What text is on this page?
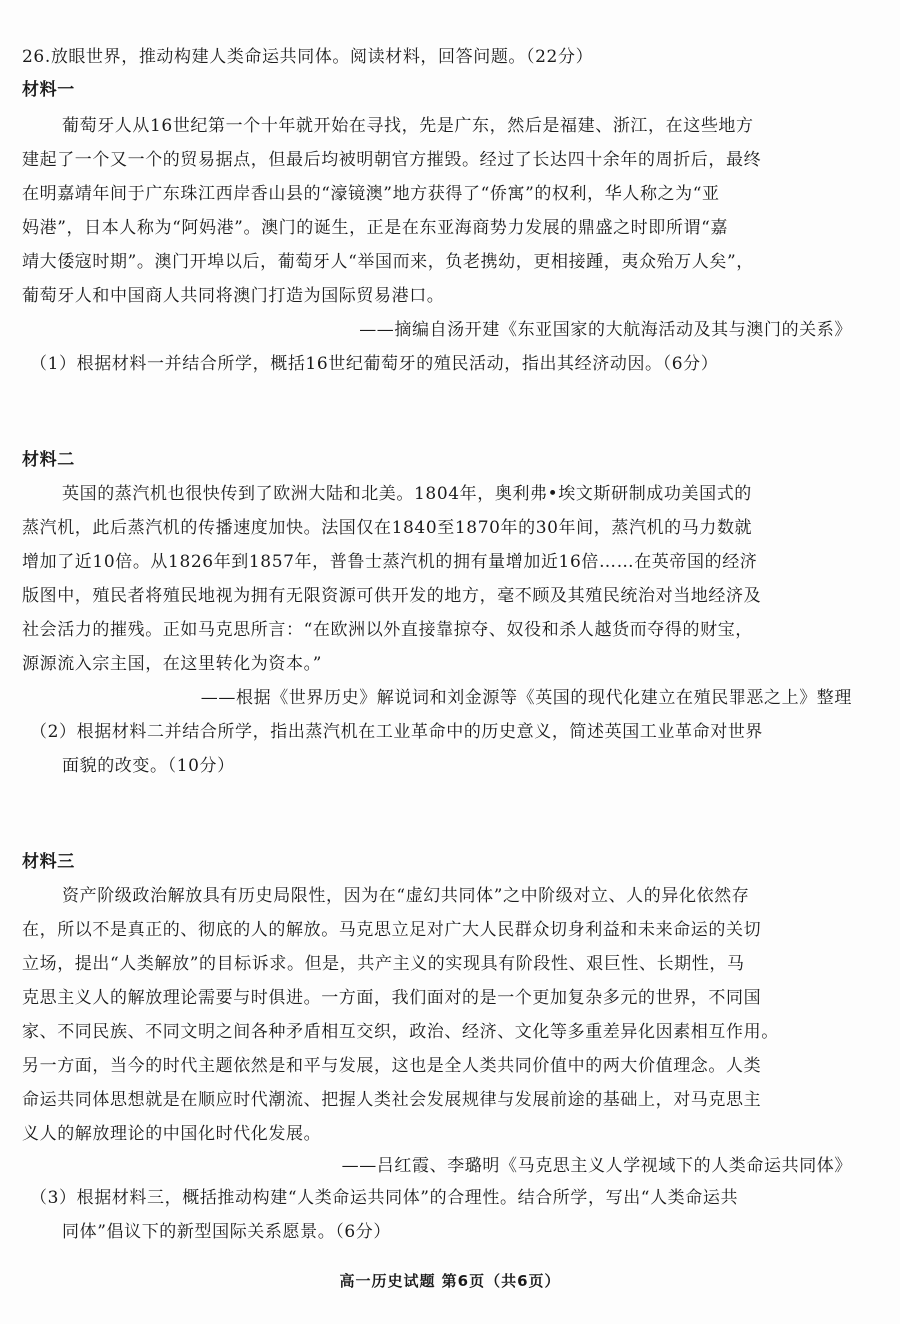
26.放眼世界，推动构建人类命运共同体。阅读材料，回答问题。（22分）
材料一
葡萄牙人从16世纪第一个十年就开始在寻找，先是广东，然后是福建、浙江，在这些地方
建起了一个又一个的贸易据点，但最后均被明朝官方摧毁。经过了长达四十余年的周折后，最终
在明嘉靖年间于广东珠江西岸香山县的“濠镜澳”地方获得了“侨寓”的权利，华人称之为“亚
妈港”，日本人称为“阿妈港”。澳门的诞生，正是在东亚海商势力发展的鼎盛之时即所谓“嘉
靖大倭寇时期”。澳门开埠以后，葡萄牙人“举国而来，负老携幼，更相接踵，夷众殆万人矣”，
葡萄牙人和中国商人共同将澳门打造为国际贸易港口。
——摘编自汤开建《东亚国家的大航海活动及其与澳门的关系》
（1）根据材料一并结合所学，概括16世纪葡萄牙的殖民活动，指出其经济动因。（6分）
材料二
英国的蒸汽机也很快传到了欧洲大陆和北美。1804年，奥利弗•埃文斯研制成功美国式的
蒸汽机，此后蒸汽机的传播速度加快。法国仅在1840至1870年的30年间，蒸汽机的马力数就
增加了近10倍。从1826年到1857年，普鲁士蒸汽机的拥有量增加近16倍……在英帝国的经济
版图中，殖民者将殖民地视为拥有无限资源可供开发的地方，毫不顾及其殖民统治对当地经济及
社会活力的摧残。正如马克思所言：“在欧洲以外直接靠掠夺、奴役和杀人越货而夺得的财宝，
源源流入宗主国，在这里转化为资本。”
——根据《世界历史》解说词和刘金源等《英国的现代化建立在殖民罪恶之上》整理
（2）根据材料二并结合所学，指出蒸汽机在工业革命中的历史意义，简述英国工业革命对世界
面貌的改变。（10分）
材料三
资产阶级政治解放具有历史局限性，因为在“虚幻共同体”之中阶级对立、人的异化依然存
在，所以不是真正的、彻底的人的解放。马克思立足对广大人民群众切身利益和未来命运的关切
立场，提出“人类解放”的目标诉求。但是，共产主义的实现具有阶段性、艰巨性、长期性，马
克思主义人的解放理论需要与时俱进。一方面，我们面对的是一个更加复杂多元的世界，不同国
家、不同民族、不同文明之间各种矛盾相互交织，政治、经济、文化等多重差异化因素相互作用。
另一方面，当今的时代主题依然是和平与发展，这也是全人类共同价值中的两大价值理念。人类
命运共同体思想就是在顺应时代潮流、把握人类社会发展规律与发展前途的基础上，对马克思主
义人的解放理论的中国化时代化发展。
——吕红霞、李璐明《马克思主义人学视域下的人类命运共同体》
（3）根据材料三，概括推动构建“人类命运共同体”的合理性。结合所学，写出“人类命运共
同体”倡议下的新型国际关系愿景。（6分）
高一历史试题 第6页（共6页）
